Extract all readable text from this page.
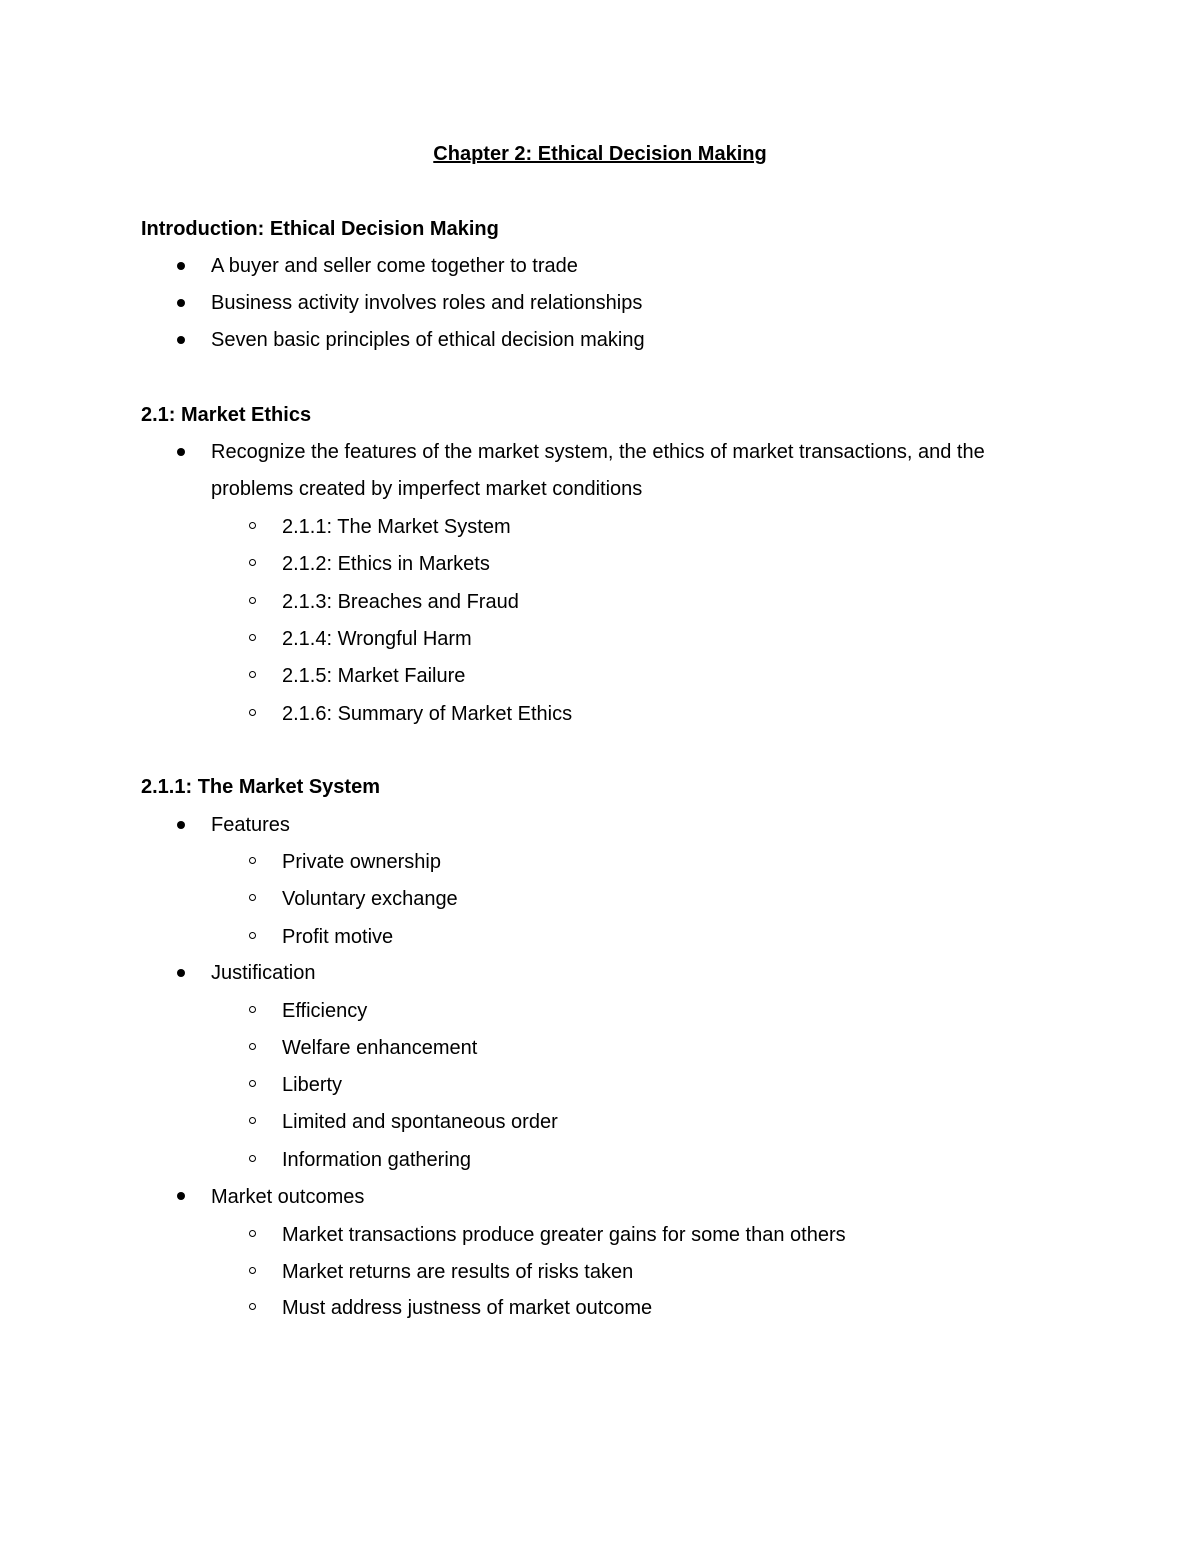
Chapter 2: Ethical Decision Making
Introduction: Ethical Decision Making
A buyer and seller come together to trade
Business activity involves roles and relationships
Seven basic principles of ethical decision making
2.1: Market Ethics
Recognize the features of the market system, the ethics of market transactions, and the problems created by imperfect market conditions
2.1.1: The Market System
2.1.2: Ethics in Markets
2.1.3: Breaches and Fraud
2.1.4: Wrongful Harm
2.1.5: Market Failure
2.1.6: Summary of Market Ethics
2.1.1: The Market System
Features
Private ownership
Voluntary exchange
Profit motive
Justification
Efficiency
Welfare enhancement
Liberty
Limited and spontaneous order
Information gathering
Market outcomes
Market transactions produce greater gains for some than others
Market returns are results of risks taken
Must address justness of market outcome
